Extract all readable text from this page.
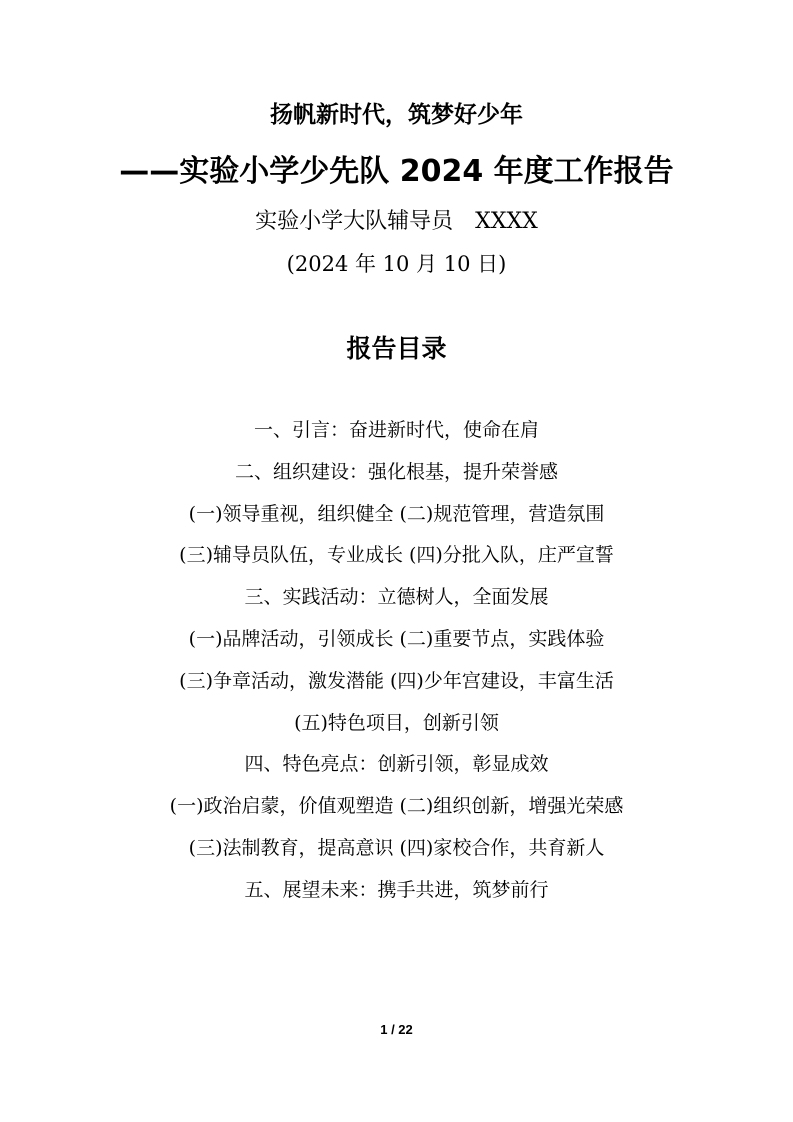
扬帆新时代，筑梦好少年
——实验小学少先队 2024 年度工作报告
实验小学大队辅导员　XXXX
(2024 年 10 月 10 日)
报告目录
一、引言：奋进新时代，使命在肩
二、组织建设：强化根基，提升荣誉感
(一)领导重视，组织健全 (二)规范管理，营造氛围
(三)辅导员队伍，专业成长 (四)分批入队，庄严宣誓
三、实践活动：立德树人，全面发展
(一)品牌活动，引领成长 (二)重要节点，实践体验
(三)争章活动，激发潜能 (四)少年宫建设，丰富生活
(五)特色项目，创新引领
四、特色亮点：创新引领，彰显成效
(一)政治启蒙，价值观塑造 (二)组织创新，增强光荣感
(三)法制教育，提高意识 (四)家校合作，共育新人
五、展望未来：携手共进，筑梦前行
1 / 22
